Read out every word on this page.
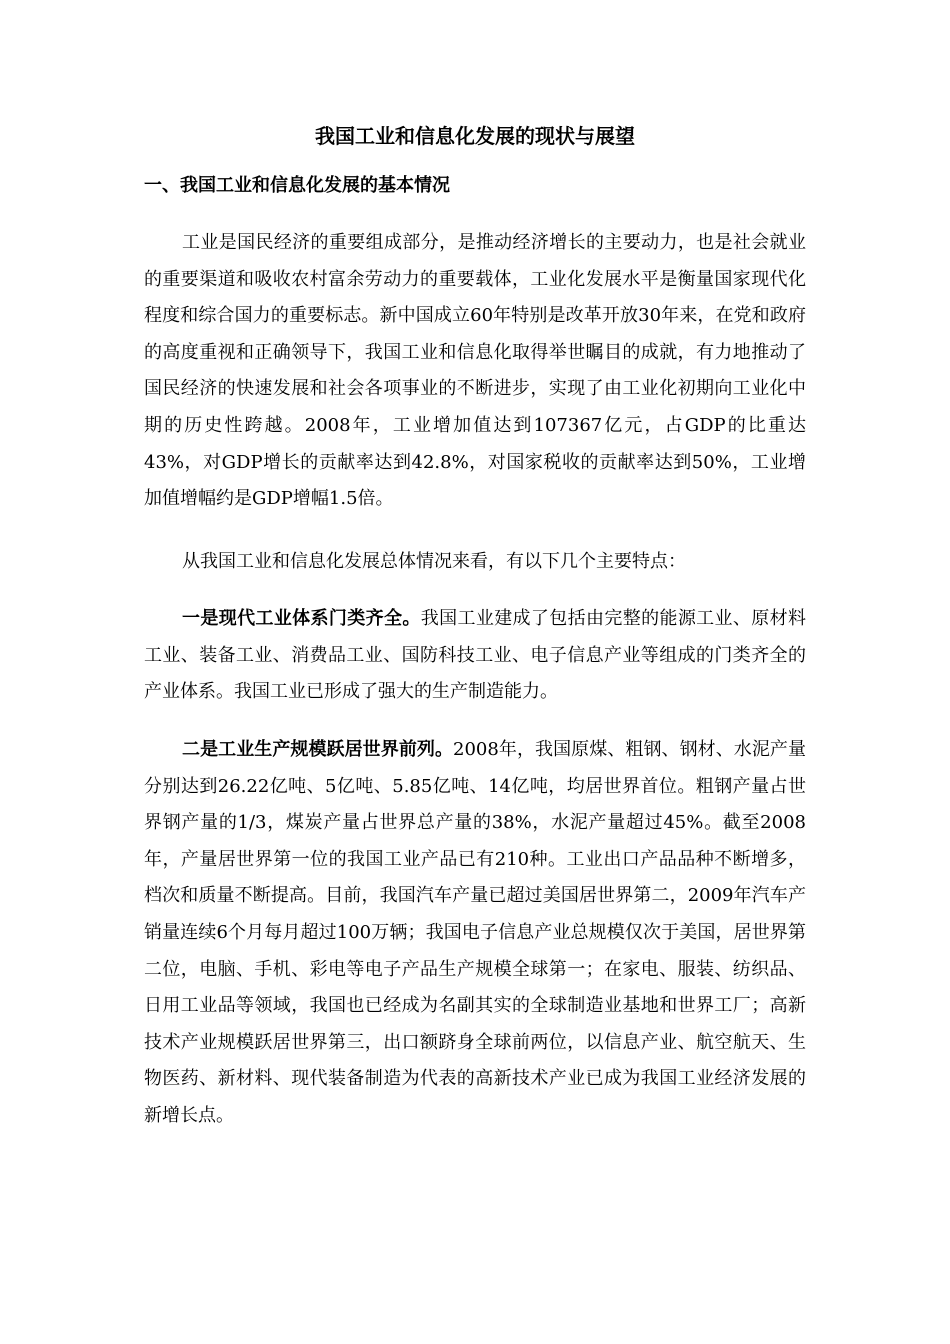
我国工业和信息化发展的现状与展望
一、我国工业和信息化发展的基本情况

工业是国民经济的重要组成部分，是推动经济增长的主要动力，也是社会就业的重要渠道和吸收农村富余劳动力的重要载体，工业化发展水平是衡量国家现代化程度和综合国力的重要标志。新中国成立60年特别是改革开放30年来，在党和政府的高度重视和正确领导下，我国工业和信息化取得举世瞩目的成就，有力地推动了国民经济的快速发展和社会各项事业的不断进步，实现了由工业化初期向工业化中期的历史性跨越。2008年，工业增加值达到107367亿元，占GDP的比重达43%，对GDP增长的贡献率达到42.8%，对国家税收的贡献率达到50%，工业增加值增幅约是GDP增幅1.5倍。

从我国工业和信息化发展总体情况来看，有以下几个主要特点：

一是现代工业体系门类齐全。我国工业建成了包括由完整的能源工业、原材料工业、装备工业、消费品工业、国防科技工业、电子信息产业等组成的门类齐全的产业体系。我国工业已形成了强大的生产制造能力。

二是工业生产规模跃居世界前列。2008年，我国原煤、粗钢、钢材、水泥产量分别达到26.22亿吨、5亿吨、5.85亿吨、14亿吨，均居世界首位。粗钢产量占世界钢产量的1/3，煤炭产量占世界总产量的38%，水泥产量超过45%。截至2008年，产量居世界第一位的我国工业产品已有210种。工业出口产品品种不断增多，档次和质量不断提高。目前，我国汽车产量已超过美国居世界第二，2009年汽车产销量连续6个月每月超过100万辆；我国电子信息产业总规模仅次于美国，居世界第二位，电脑、手机、彩电等电子产品生产规模全球第一；在家电、服装、纺织品、日用工业品等领域，我国也已经成为名副其实的全球制造业基地和世界工厂；高新技术产业规模跃居世界第三，出口额跻身全球前两位，以信息产业、航空航天、生物医药、新材料、现代装备制造为代表的高新技术产业已成为我国工业经济发展的新增长点。
